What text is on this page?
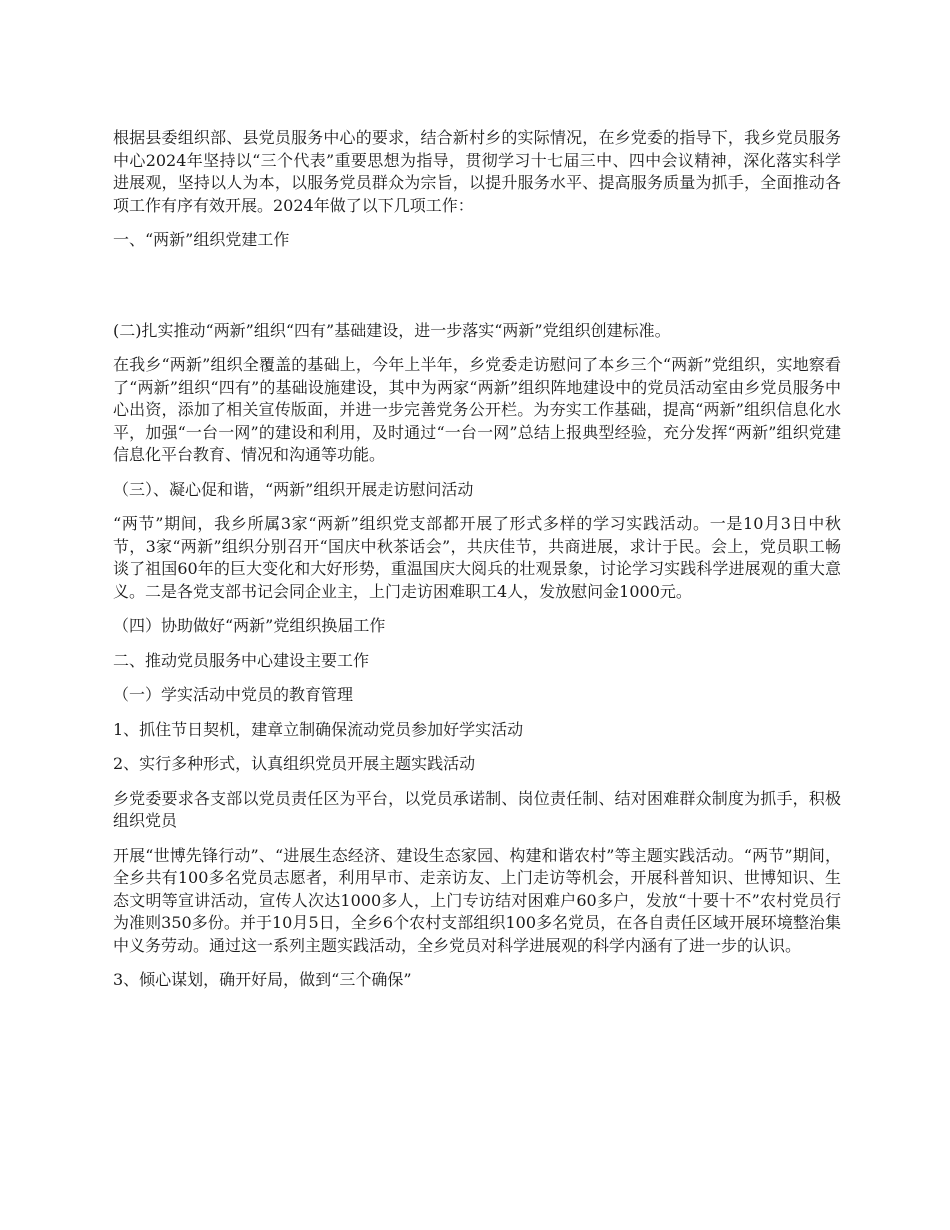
根据县委组织部、县党员服务中心的要求，结合新村乡的实际情况，在乡党委的指导下，我乡党员服务中心2024年坚持以“三个代表”重要思想为指导，贯彻学习十七届三中、四中会议精神，深化落实科学进展观，坚持以人为本，以服务党员群众为宗旨，以提升服务水平、提高服务质量为抓手，全面推动各项工作有序有效开展。2024年做了以下几项工作：

一、“两新”组织党建工作

(二)扎实推动“两新”组织“四有”基础建设，进一步落实“两新”党组织创建标准。

在我乡“两新”组织全覆盖的基础上，今年上半年，乡党委走访慰问了本乡三个“两新”党组织，实地察看了“两新”组织“四有”的基础设施建设，其中为两家“两新”组织阵地建设中的党员活动室由乡党员服务中心出资，添加了相关宣传版面，并进一步完善党务公开栏。为夯实工作基础，提高“两新”组织信息化水平，加强“一台一网”的建设和利用，及时通过“一台一网”总结上报典型经验，充分发挥“两新”组织党建信息化平台教育、情况和沟通等功能。

（三）、凝心促和谐，“两新”组织开展走访慰问活动

“两节”期间，我乡所属3家“两新”组织党支部都开展了形式多样的学习实践活动。一是10月3日中秋节，3家“两新”组织分别召开“国庆中秋茶话会”，共庆佳节，共商进展，求计于民。会上，党员职工畅谈了祖国60年的巨大变化和大好形势，重温国庆大阅兵的壮观景象，讨论学习实践科学进展观的重大意义。二是各党支部书记会同企业主，上门走访困难职工4人，发放慰问金1000元。

（四）协助做好“两新”党组织换届工作

二、推动党员服务中心建设主要工作

（一）学实活动中党员的教育管理

1、抓住节日契机，建章立制确保流动党员参加好学实活动

2、实行多种形式，认真组织党员开展主题实践活动

乡党委要求各支部以党员责任区为平台，以党员承诺制、岗位责任制、结对困难群众制度为抓手，积极组织党员

开展“世博先锋行动”、“进展生态经济、建设生态家园、构建和谐农村”等主题实践活动。“两节”期间，全乡共有100多名党员志愿者，利用早市、走亲访友、上门走访等机会，开展科普知识、世博知识、生态文明等宣讲活动，宣传人次达1000多人，上门专访结对困难户60多户，发放“十要十不”农村党员行为准则350多份。并于10月5日，全乡6个农村支部组织100多名党员，在各自责任区域开展环境整治集中义务劳动。通过这一系列主题实践活动，全乡党员对科学进展观的科学内涵有了进一步的认识。

3、倾心谋划，确开好局，做到“三个确保”
